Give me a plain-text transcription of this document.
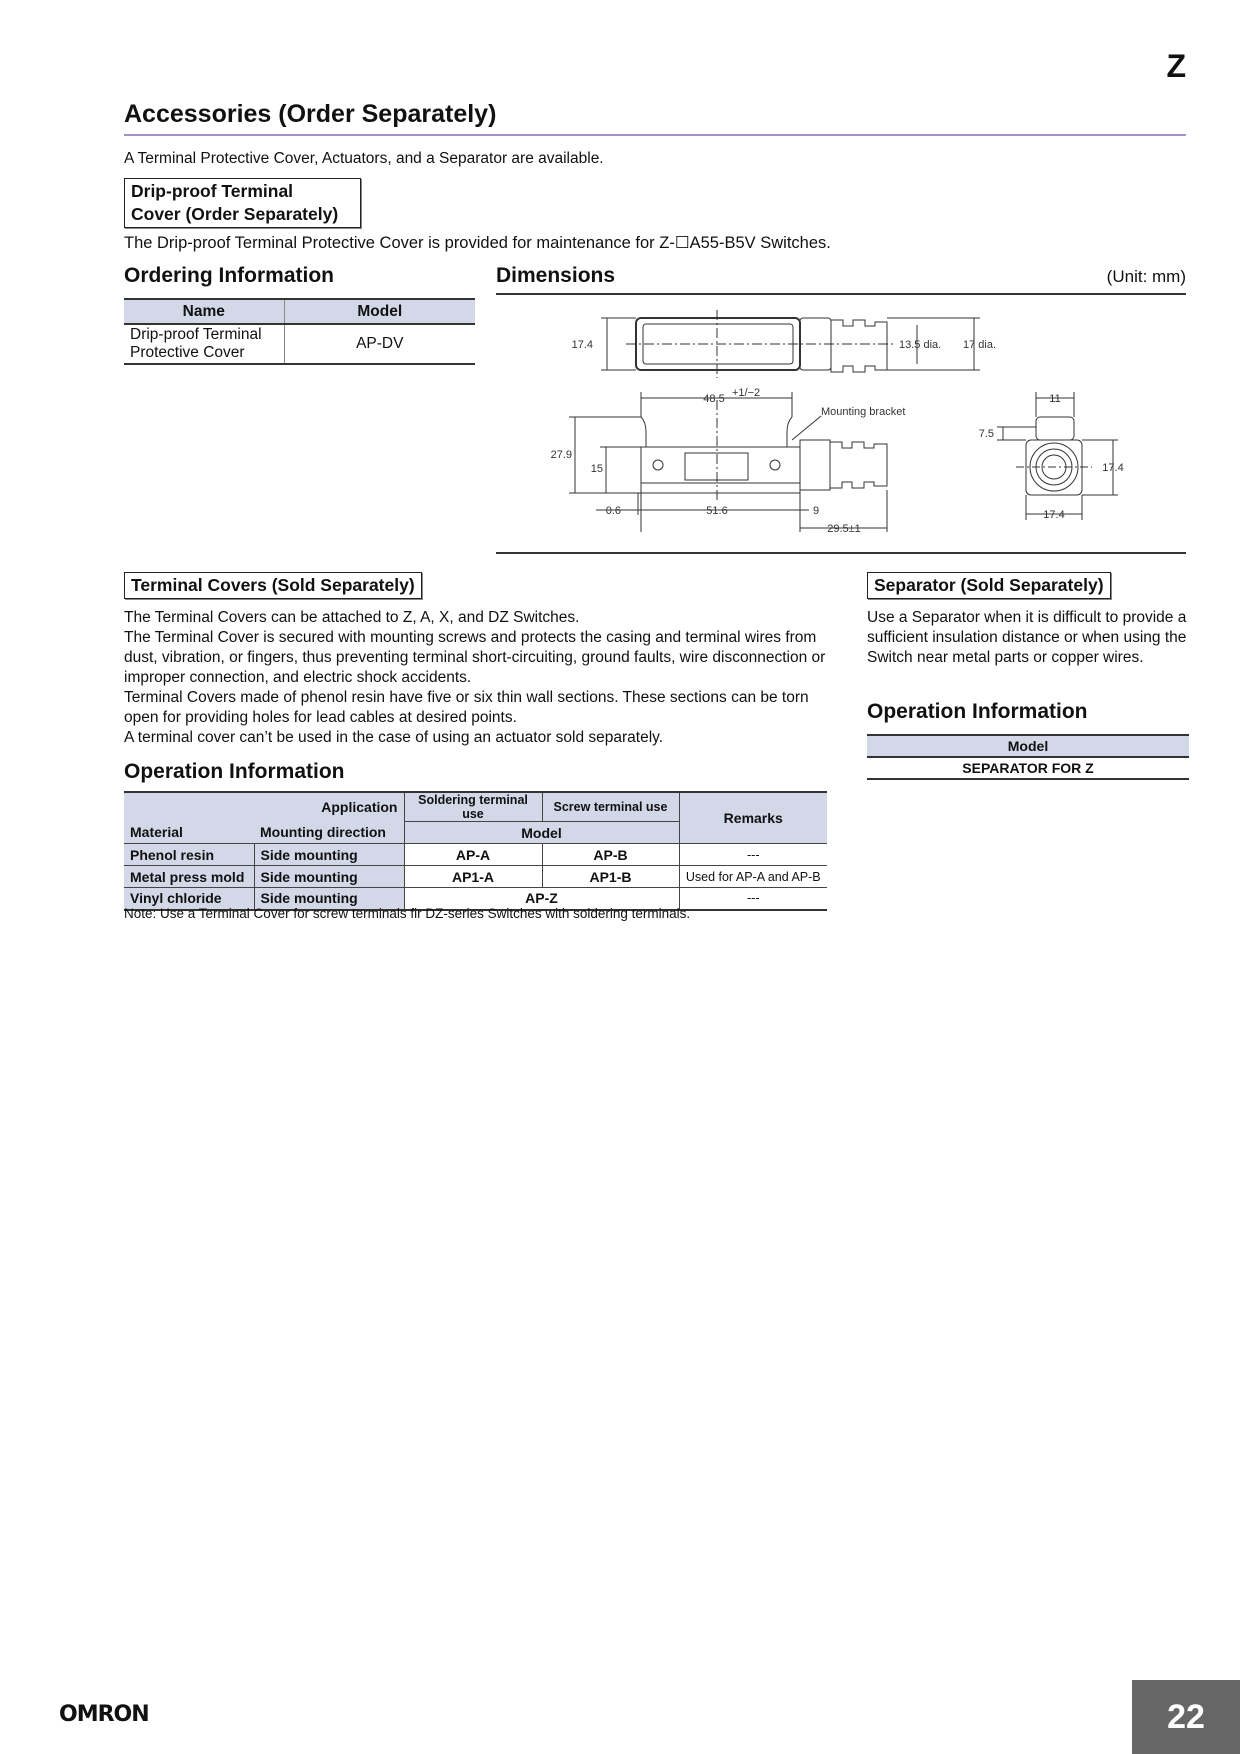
Z
Accessories (Order Separately)
A Terminal Protective Cover, Actuators, and a Separator are available.
Drip-proof Terminal
Cover (Order Separately)
The Drip-proof Terminal Protective Cover is provided for maintenance for Z-☐A55-B5V Switches.
Ordering Information
Name	Model

Drip-proof Terminal
Protective Cover	AP-DV
Dimensions	(Unit: mm)
17.4	13.5 dia. 17 dia.
48.5 +1/−2
Mounting bracket
27.9
15
0.6	51.6	9
29.5±1
11
7.5
17.4
17.4
Terminal Covers (Sold Separately)
The Terminal Covers can be attached to Z, A, X, and DZ Switches.
The Terminal Cover is secured with mounting screws and protects the casing and terminal wires from dust, vibration, or fingers, thus preventing terminal short-circuiting, ground faults, wire disconnection or improper connection, and electric shock accidents.
Terminal Covers made of phenol resin have five or six thin wall sections. These sections can be torn open for providing holes for lead cables at desired points.
A terminal cover can’t be used in the case of using an actuator sold separately.
Operation Information
Application		Soldering terminal use	Screw terminal use	Remarks
Material	Mounting direction	Model		
Phenol resin	Side mounting	AP-A	AP-B	---
Metal press mold	Side mounting	AP1-A	AP1-B	Used for AP-A and AP-B
Vinyl chloride	Side mounting	AP-Z		---
Note: Use a Terminal Cover for screw terminals fir DZ-series Switches with soldering terminals.
Separator (Sold Separately)
Use a Separator when it is difficult to provide a sufficient insulation distance or when using the Switch near metal parts or copper wires.
Operation Information
Model
SEPARATOR FOR Z
OMRON	22
